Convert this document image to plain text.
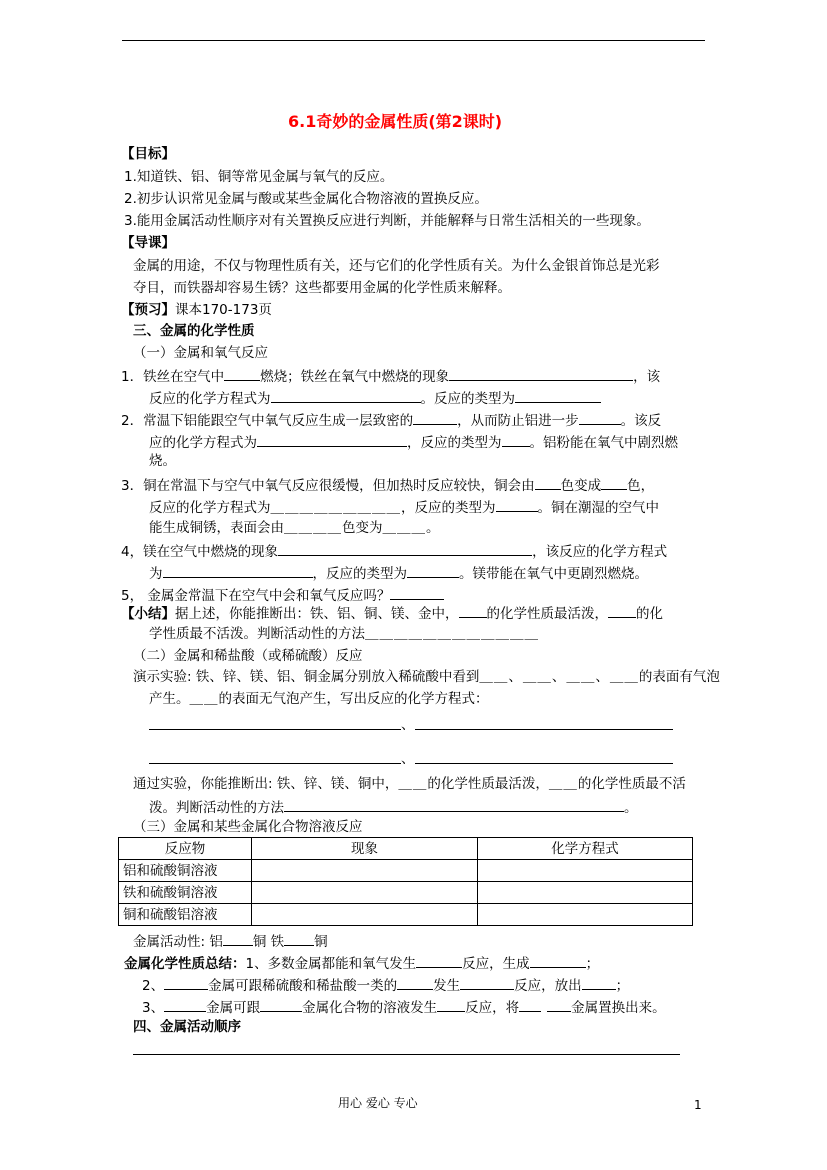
6.1奇妙的金属性质(第2课时)
【目标】
1.知道铁、铝、铜等常见金属与氧气的反应。
2.初步认识常见金属与酸或某些金属化合物溶液的置换反应。
3.能用金属活动性顺序对有关置换反应进行判断，并能解释与日常生活相关的一些现象。
【导课】
金属的用途，不仅与物理性质有关，还与它们的化学性质有关。为什么金银首饰总是光彩
夺目，而铁器却容易生锈？这些都要用金属的化学性质来解释。
【预习】课本170-173页
三、金属的化学性质
（一）金属和氧气反应
1．铁丝在空气中	燃烧；铁丝在氧气中燃烧的现象	，该
反应的化学方程式为	。反应的类型为
2．常温下铝能跟空气中氧气反应生成一层致密的	，从而防止铝进一步	。该反
应的化学方程式为	，反应的类型为 。铝粉能在氧气中剧烈燃
烧。
3．铜在常温下与空气中氧气反应很缓慢，但加热时反应较快，铜会由 色变成 色，
反应的化学方程式为＿＿＿＿＿＿＿＿＿，反应的类型为	。铜在潮湿的空气中
能生成铜锈，表面会由＿＿＿＿色变为＿＿＿。
4，镁在空气中燃烧的现象	，该反应的化学方程式
为	，反应的类型为	。镁带能在氧气中更剧烈燃烧。
5， 金属金常温下在空气中会和氧气反应吗？
【小结】据上述，你能推断出：铁、铝、铜、镁、金中， 的化学性质最活泼， 的化
学性质最不活泼。判断活动性的方法＿＿＿＿＿＿＿＿＿＿＿＿
（二）金属和稀盐酸（或稀硫酸）反应
演示实验: 铁、锌、镁、铝、铜金属分别放入稀硫酸中看到＿＿、＿＿、＿＿、＿＿的表面有气泡
产生。＿＿的表面无气泡产生，写出反应的化学方程式：
、
、
通过实验，你能推断出: 铁、锌、镁、铜中，＿＿的化学性质最活泼，＿＿的化学性质最不活
泼。判断活动性的方法	。
（三）金属和某些金属化合物溶液反应
反应物	现象	化学方程式
铝和硫酸铜溶液		
铁和硫酸铜溶液		
铜和硫酸铝溶液		
金属活动性: 铝 铜 铁 铜
金属化学性质总结：1、多数金属都能和氧气发生	反应，生成	；
2、	金属可跟稀硫酸和稀盐酸一类的	发生	反应，放出	；
3、	金属可跟	金属化合物的溶液发生 反应，将	金属置换出来。
四、金属活动顺序
用心 爱心 专心	1
